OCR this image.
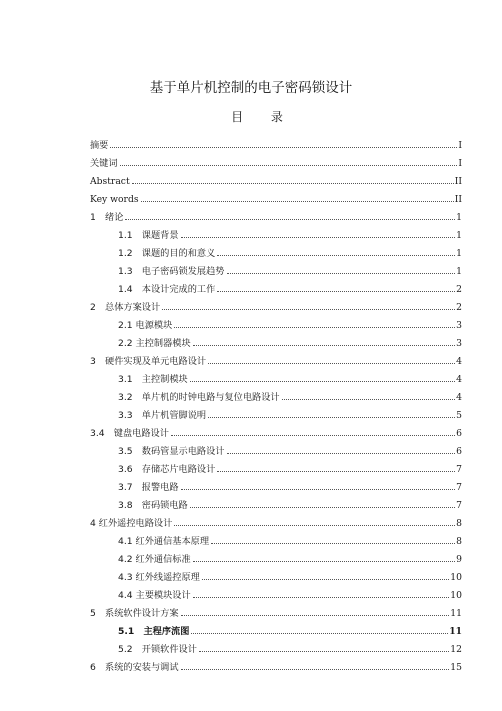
基于单片机控制的电子密码锁设计
目 录
摘要	I
关键词	I
Abstract	II
Key words	II
1　绪论	1
1.1　课题背景	1
1.2　课题的目的和意义	1
1.3　电子密码锁发展趋势	1
1.4　本设计完成的工作	2
2　总体方案设计	2
2.1 电源模块	3
2.2 主控制器模块	3
3　硬件实现及单元电路设计	4
3.1　主控制模块	4
3.2　单片机的时钟电路与复位电路设计	4
3.3　单片机管脚说明	5
3.4　键盘电路设计	6
3.5　数码管显示电路设计	6
3.6　存储芯片电路设计	7
3.7　报警电路	7
3.8　密码锁电路	7
4 红外遥控电路设计	8
4.1 红外通信基本原理	8
4.2 红外通信标准	9
4.3 红外线遥控原理	10
4.4 主要模块设计	10
5　系统软件设计方案	11
5.1　主程序流图	11
5.2　开锁软件设计	12
6　系统的安装与调试	15
